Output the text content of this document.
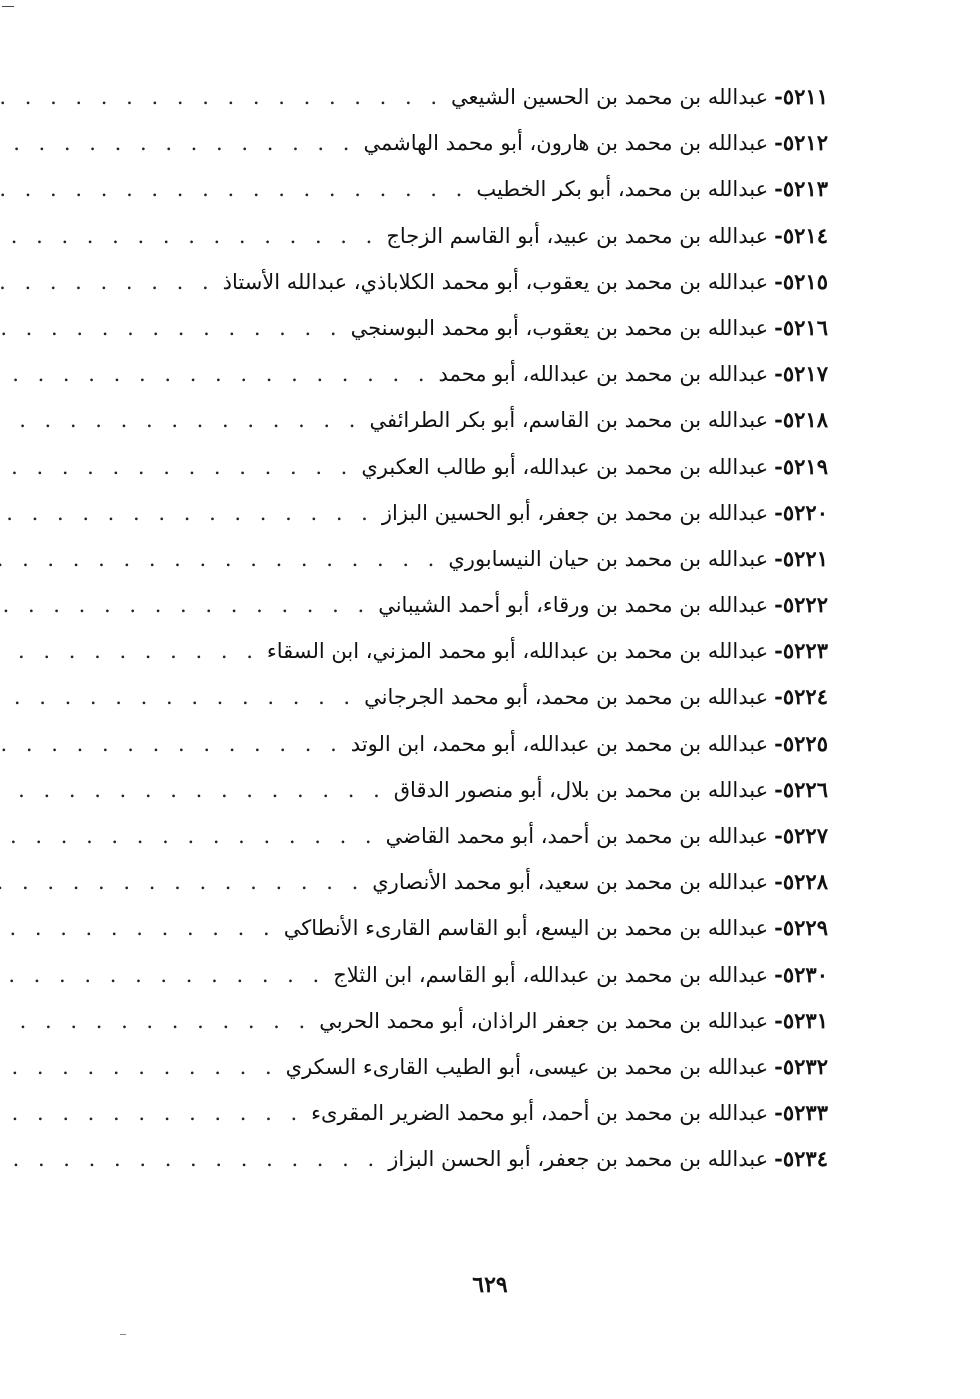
٥٢١١-
عبدالله بن محمد بن الحسين الشيعي
. . .
٥٢١٢-
عبدالله بن محمد بن هارون، أبو محمد الهاشمي
. . .
٥٢١٣-
عبدالله بن محمد، أبو بكر الخطيب
. . .
٥٢١٤-
عبدالله بن محمد بن عبيد، أبو القاسم الزجاج
. . .
٥٢١٥-
عبدالله بن محمد بن يعقوب، أبو محمد الكلاباذي، عبدالله الأستاذ
. . .
٥٢١٦-
عبدالله بن محمد بن يعقوب، أبو محمد البوسنجي
. . .
٥٢١٧-
عبدالله بن محمد بن عبدالله، أبو محمد
. . .
٥٢١٨-
عبدالله بن محمد بن القاسم، أبو بكر الطرائفي
. . .
٥٢١٩-
عبدالله بن محمد بن عبدالله، أبو طالب العكبري
. . .
٥٢٢٠-
عبدالله بن محمد بن جعفر، أبو الحسين البزاز
. . .
٥٢٢١-
عبدالله بن محمد بن حيان النيسابوري
. . .
٥٢٢٢-
عبدالله بن محمد بن ورقاء، أبو أحمد الشيباني
. . .
٥٢٢٣-
عبدالله بن محمد بن عبدالله، أبو محمد المزني، ابن السقاء
. . .
٥٢٢٤-
عبدالله بن محمد بن محمد، أبو محمد الجرجاني
. . .
٥٢٢٥-
عبدالله بن محمد بن عبدالله، أبو محمد، ابن الوتد
. . .
٥٢٢٦-
عبدالله بن محمد بن بلال، أبو منصور الدقاق
. . .
٥٢٢٧-
عبدالله بن محمد بن أحمد، أبو محمد القاضي
. . .
٥٢٢٨-
عبدالله بن محمد بن سعيد، أبو محمد الأنصاري
. . .
٥٢٢٩-
عبدالله بن محمد بن اليسع، أبو القاسم القارىء الأنطاكي
. . .
٥٢٣٠-
عبدالله بن محمد بن عبدالله، أبو القاسم، ابن الثلاج
. . .
٥٢٣١-
عبدالله بن محمد بن جعفر الراذان، أبو محمد الحربي
. . .
٥٢٣٢-
عبدالله بن محمد بن عيسى، أبو الطيب القارىء السكري
. . .
٥٢٣٣-
عبدالله بن محمد بن أحمد، أبو محمد الضرير المقرىء
. . .
٥٢٣٤-
عبدالله بن محمد بن جعفر، أبو الحسن البزاز
. . .
٦٢٩
